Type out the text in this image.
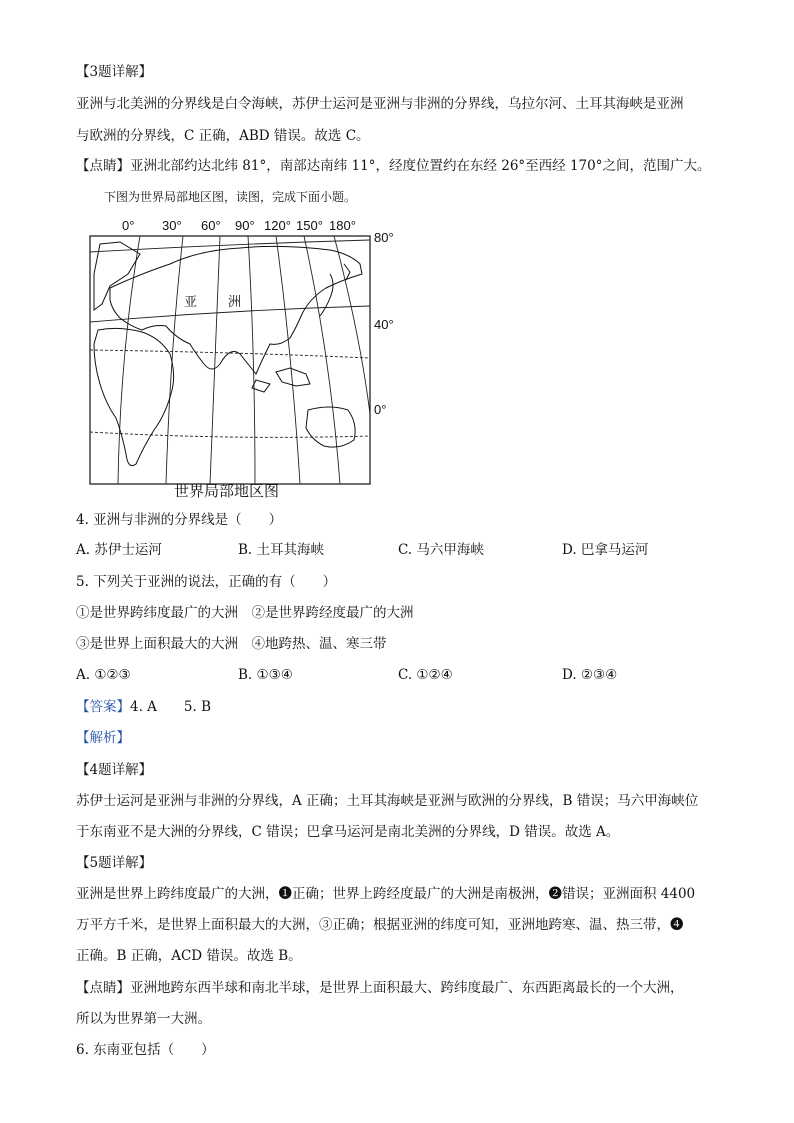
【3题详解】
亚洲与北美洲的分界线是白令海峡，苏伊士运河是亚洲与非洲的分界线，乌拉尔河、土耳其海峡是亚洲
与欧洲的分界线，C 正确，ABD 错误。故选 C。
【点睛】亚洲北部约达北纬 81°，南部达南纬 11°，经度位置约在东经 26°至西经 170°之间，范围广大。
下图为世界局部地区图，读图，完成下面小题。
0° 30° 60° 90° 120° 150° 180°
80°
40°
0°
亚 洲
世界局部地区图
4. 亚洲与非洲的分界线是（　　）
A. 苏伊士运河	B. 土耳其海峡	C. 马六甲海峡	D. 巴拿马运河
5. 下列关于亚洲的说法，正确的有（　　）
①是世界跨纬度最广的大洲　②是世界跨经度最广的大洲
③是世界上面积最大的大洲　④地跨热、温、寒三带
A. ①②③	B. ①③④	C. ①②④	D. ②③④
【答案】4. A　　5. B
【解析】
【4题详解】
苏伊士运河是亚洲与非洲的分界线，A 正确；土耳其海峡是亚洲与欧洲的分界线，B 错误；马六甲海峡位
于东南亚不是大洲的分界线，C 错误；巴拿马运河是南北美洲的分界线，D 错误。故选 A。
【5题详解】
亚洲是世界上跨纬度最广的大洲，❶正确；世界上跨经度最广的大洲是南极洲，❷错误；亚洲面积 4400
万平方千米，是世界上面积最大的大洲，③正确；根据亚洲的纬度可知，亚洲地跨寒、温、热三带，❹
正确。B 正确，ACD 错误。故选 B。
【点睛】亚洲地跨东西半球和南北半球，是世界上面积最大、跨纬度最广、东西距离最长的一个大洲，
所以为世界第一大洲。
6. 东南亚包括（　　）
